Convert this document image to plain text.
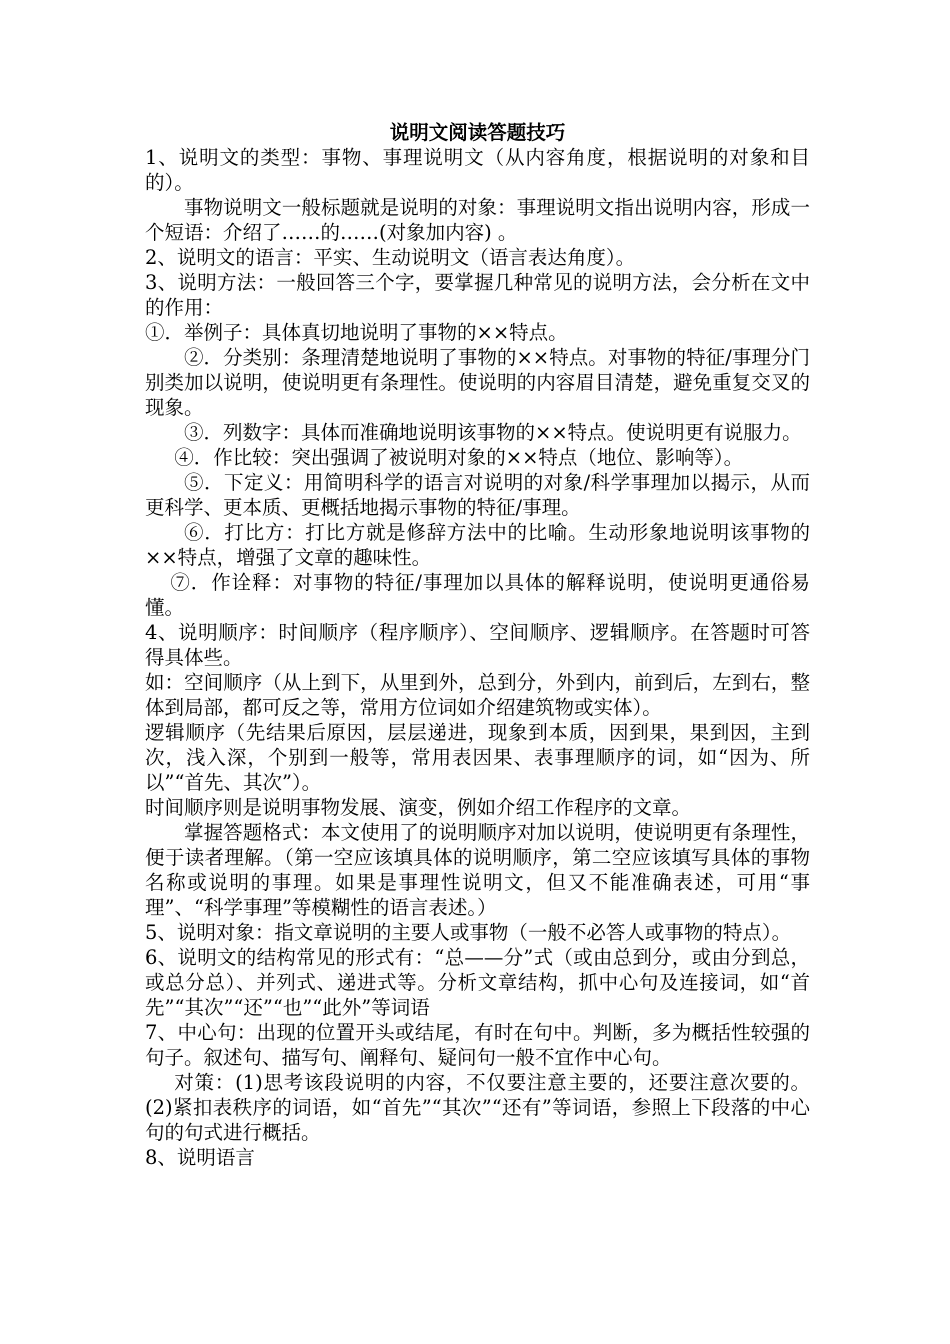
说明文阅读答题技巧

1、说明文的类型：事物、事理说明文（从内容角度，根据说明的对象和目的）。

事物说明文一般标题就是说明的对象：事理说明文指出说明内容，形成一个短语：介绍了……的……(对象加内容) 。

2、说明文的语言：平实、生动说明文（语言表达角度）。

3、说明方法：一般回答三个字，要掌握几种常见的说明方法，会分析在文中的作用：

①．举例子：具体真切地说明了事物的××特点。

②．分类别：条理清楚地说明了事物的××特点。对事物的特征/事理分门别类加以说明，使说明更有条理性。使说明的内容眉目清楚，避免重复交叉的现象。

③．列数字：具体而准确地说明该事物的××特点。使说明更有说服力。

④．作比较：突出强调了被说明对象的××特点（地位、影响等）。

⑤．下定义：用简明科学的语言对说明的对象/科学事理加以揭示，从而更科学、更本质、更概括地揭示事物的特征/事理。

⑥．打比方：打比方就是修辞方法中的比喻。生动形象地说明该事物的××特点，增强了文章的趣味性。

⑦．作诠释：对事物的特征/事理加以具体的解释说明，使说明更通俗易懂。

4、说明顺序：时间顺序（程序顺序）、空间顺序、逻辑顺序。在答题时可答得具体些。

如：空间顺序（从上到下，从里到外，总到分，外到内，前到后，左到右，整体到局部，都可反之等，常用方位词如介绍建筑物或实体）。

逻辑顺序（先结果后原因，层层递进，现象到本质，因到果，果到因，主到次，浅入深，个别到一般等，常用表因果、表事理顺序的词，如“因为、所以”“首先、其次”）。

时间顺序则是说明事物发展、演变，例如介绍工作程序的文章。

掌握答题格式：本文使用了的说明顺序对加以说明，使说明更有条理性，便于读者理解。（第一空应该填具体的说明顺序，第二空应该填写具体的事物名称或说明的事理。如果是事理性说明文，但又不能准确表述，可用“事理”、“科学事理”等模糊性的语言表述。）

5、说明对象：指文章说明的主要人或事物（一般不必答人或事物的特点）。

6、说明文的结构常见的形式有：“总——分”式（或由总到分，或由分到总，或总分总）、并列式、递进式等。分析文章结构，抓中心句及连接词，如“首先”“其次”“还”“也”“此外”等词语

7、中心句：出现的位置开头或结尾，有时在句中。判断，多为概括性较强的句子。叙述句、描写句、阐释句、疑问句一般不宜作中心句。

对策：(1)思考该段说明的内容，不仅要注意主要的，还要注意次要的。(2)紧扣表秩序的词语，如“首先”“其次”“还有”等词语，参照上下段落的中心句的句式进行概括。

8、说明语言
